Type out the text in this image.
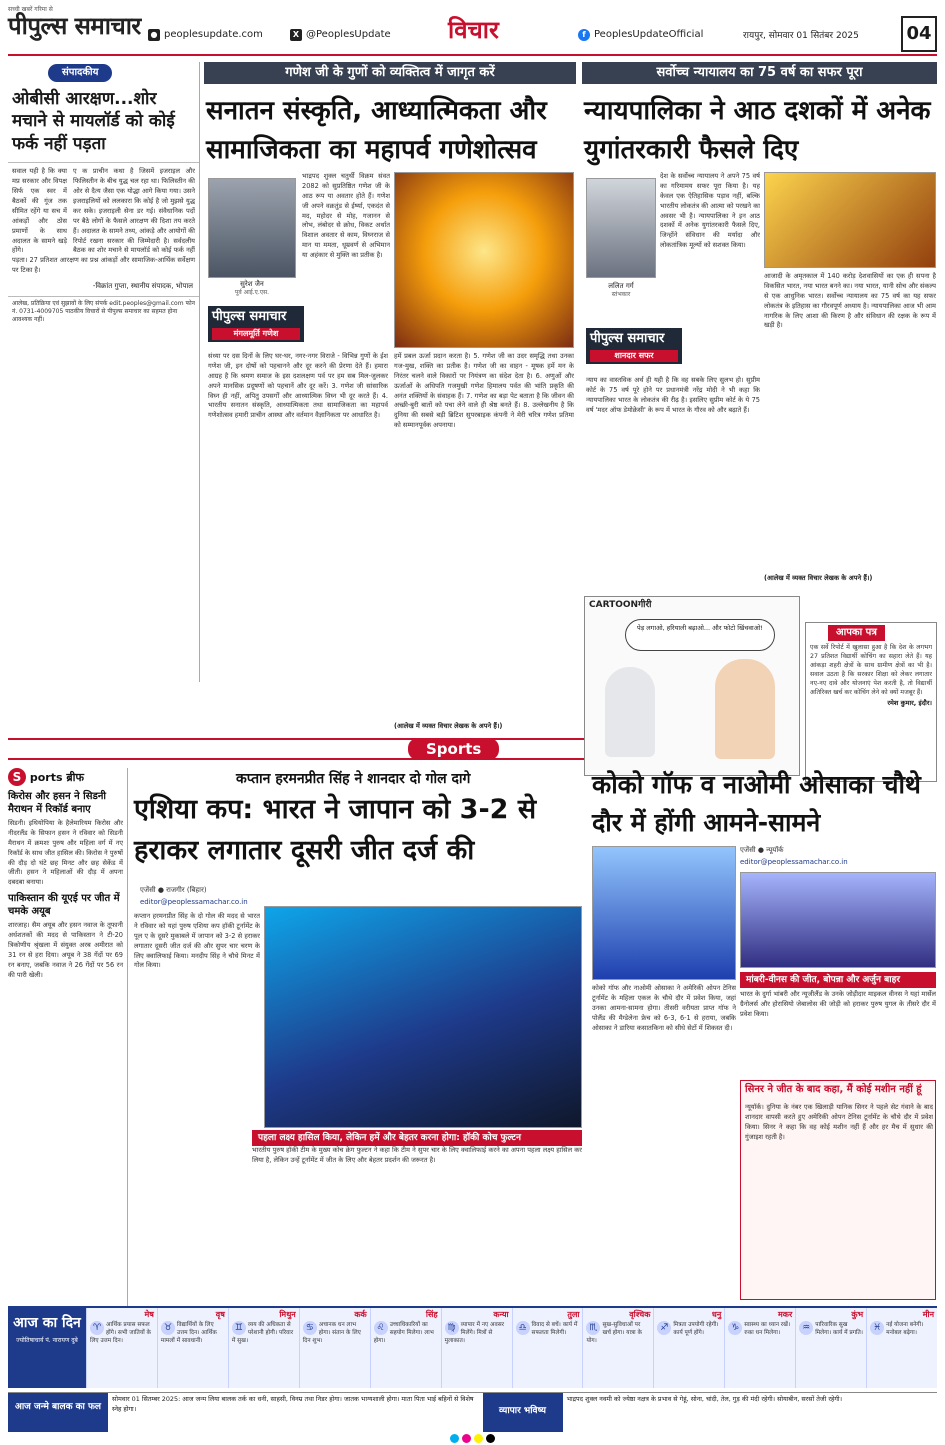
सच्ची खबरें गरिमा से
पीपुल्स समाचार	● peoplesupdate.com	X @PeoplesUpdate विचार	f PeoplesUpdateOfficial	रायपुर, सोमवार 01 सितंबर 2025	04
संपादकीय
ओबीसी आरक्षण...शोर मचाने से मायलॉर्ड को कोई फर्क नहीं पड़ता
सवाल यही है कि क्या मप्र सरकार और विपक्ष सिर्फ एक स्वर में बैठकों की गूंज तक सीमित रहेंगे या सच में आंकड़ों और ठोस प्रमाणों के साथ अदालत के सामने खड़े होंगे।
ए क प्राचीन कथा है जिसमें इजराइल और फिलिस्तीन के बीच युद्ध चल रहा था। फिलिस्तीन की ओर से दैत्य जैसा एक योद्धा आगे किया गया। उसने इजराइलियों को ललकारा कि कोई है जो मुझसे युद्ध कर सके। इजराइली सेना डर गई। संवैधानिक पदों पर बैठे लोगों के फैसले आरक्षण की दिशा तय करते हैं। अदालत के सामने तथ्य, आंकड़े और आयोगों की रिपोर्ट रखना सरकार की जिम्मेदारी है। सर्वदलीय बैठक का शोर मचाने से मायलॉर्ड को कोई फर्क नहीं पड़ता। 27 प्रतिशत आरक्षण का प्रश्न आंकड़ों और सामाजिक-आर्थिक सर्वेक्षण पर टिका है।
-विक्रांत गुप्ता, स्थानीय संपादक, भोपाल
आलेख, प्रतिक्रिया एवं सुझावों के लिए संपर्क edit.peoples@gmail.com फोन नं. 0731-4009705 पाठकीय विचारों से पीपुल्स समाचार का सहमत होना आवश्यक नहीं।
गणेश जी के गुणों को व्यक्तित्व में जागृत करें
सनातन संस्कृति, आध्यात्मिकता और सामाजिकता का महापर्व गणेशोत्सव
सुरेश जैन
पूर्व आई.ए.एस.
पीपुल्स समाचार
मंगलमूर्ति गणेश
भाद्रपद शुक्ल चतुर्थी विक्रम संवत 2082 को सुप्रतिष्ठित गणेश जी के आठ रूप या अवतार होते हैं। गणेश जी अपने वक्रतुंड से ईर्ष्या, एकदंत से मद, महोदर से मोह, गजानन से लोभ, लंबोदर से क्रोध, विकट अर्थात विशाल अवतार से काम, विघ्नराज से मान या ममता, धूम्रवर्ण से अभिमान या अहंकार से मुक्ति का प्रतीक है।
संध्या पर दस दिनों के लिए घर-घर, नगर-नगर विराजे - विभिन्न गुणों के ईश गणेश जी, इन दोषों को पहचानने और दूर करने की प्रेरणा देते हैं। हमारा आग्रह है कि श्रमण समाज के इस दशलक्षण पर्व पर हम सब मिल-जुलकर अपने मानसिक प्रदूषणों को पहचानें और दूर करें। 3. गणेश जी सांसारिक विघ्न ही नहीं, अपितु उपसर्गों और आध्यात्मिक विघ्न भी दूर करते हैं। 4. भारतीय सनातन संस्कृति, आध्यात्मिकता तथा सामाजिकता का महापर्व गणेशोत्सव हमारी प्राचीन आस्था और वर्तमान वैज्ञानिकता पर आधारित है।
हमें प्रबल ऊर्जा प्रदान करता है। 5. गणेश जी का उदर समृद्धि तथा उनका गज-मुख, शक्ति का प्रतीक है। गणेश जी का वाहन - मूषक हमें मन के निरंतर चलने वाले विकारों पर नियंत्रण का संदेश देता है। 6. अणुओं और ऊर्जाओं के अधिपति गजमुखी गणेश हिमालय पर्वत की भांति प्रकृति की अनंत शक्तियों के संवाहक हैं। 7. गणेश का बड़ा पेट बताता है कि जीवन की अच्छी-बुरी बातों को पचा लेने वाले ही श्रेष्ठ बनते हैं। 8. उल्लेखनीय है कि दुनिया की सबसे बड़ी ब्रिटिश सुपरबाइक कंपनी ने मेरी चरित्र गणेश प्रतिमा को सम्मानपूर्वक अपनाया।
(आलेख में व्यक्त विचार लेखक के अपने हैं।)
सर्वोच्च न्यायालय का 75 वर्ष का सफर पूरा
न्यायपालिका ने आठ दशकों में अनेक युगांतरकारी फैसले दिए
ललित गर्ग
स्तंभकार
पीपुल्स समाचार
शानदार सफर
देश के सर्वोच्च न्यायालय ने अपने 75 वर्ष का गरिमामय सफर पूरा किया है। यह केवल एक ऐतिहासिक पड़ाव नहीं, बल्कि भारतीय लोकतंत्र की आत्मा को परखने का अवसर भी है। न्यायपालिका ने इन आठ दशकों में अनेक युगांतरकारी फैसले दिए, जिन्होंने संविधान की मर्यादा और लोकतांत्रिक मूल्यों को सशक्त किया।
न्याय का वास्तविक अर्थ ही यही है कि वह सबके लिए सुलभ हो। सुप्रीम कोर्ट के 75 वर्ष पूरे होने पर प्रधानमंत्री नरेंद्र मोदी ने भी कहा कि न्यायपालिका भारत के लोकतंत्र की रीढ़ है। इसलिए सुप्रीम कोर्ट के ये 75 वर्ष 'मदर ऑफ डेमोक्रेसी' के रूप में भारत के गौरव को और बढ़ाते हैं।
आजादी के अमृतकाल में 140 करोड़ देशवासियों का एक ही सपना है विकसित भारत, नया भारत बनने का। नया भारत, यानी सोच और संकल्प से एक आधुनिक भारत। सर्वोच्च न्यायालय का 75 वर्ष का यह सफर लोकतंत्र के इतिहास का गौरवपूर्ण अध्याय है। न्यायपालिका आज भी आम नागरिक के लिए आशा की किरण है और संविधान की रक्षक के रूप में खड़ी है।
(आलेख में व्यक्त विचार लेखक के अपने हैं।)
CARTOONगीरी
पेड़ लगाओ, हरियाली बढ़ाओ... और फोटो खिंचवाओ!	आपका पत्र
एक सर्वे रिपोर्ट में खुलासा हुआ है कि देश के लगभग 27 प्रतिशत विद्यार्थी कोचिंग का सहारा लेते हैं। यह आंकड़ा शहरी क्षेत्रों के साथ ग्रामीण क्षेत्रों का भी है। सवाल उठता है कि सरकार शिक्षा को लेकर लगातार नए-नए दावे और योजनाएं पेश करती है, तो विद्यार्थी अतिरिक्त खर्च कर कोचिंग लेने को क्यों मजबूर हैं।
रमेश कुमार, इंदौर।
Sports
S ports ब्रीफ
किरोस और हसन ने सिडनी मैराथन में रिकॉर्ड बनाए

सिडनी। इथियोपिया के हैलेमारियम किरोस और नीदरलैंड के सिफान हसन ने रविवार को सिडनी मैराथन में क्रमशः पुरुष और महिला वर्ग में नए रिकॉर्ड के साथ जीत हासिल की। किरोस ने पुरुषों की दौड़ दो घंटे छह मिनट और छह सेकेंड में जीती। हसन ने महिलाओं की दौड़ में अपना दबदबा बनाया।

पाकिस्तान की यूएई पर जीत में चमके अयूब

शारजाह। सैम अयूब और हसन नवाज के तूफानी अर्धशतकों की मदद से पाकिस्तान ने टी-20 त्रिकोणीय श्रृंखला में संयुक्त अरब अमीरात को 31 रन से हरा दिया। अयूब ने 38 गेंदों पर 69 रन बनाए, जबकि नवाज ने 26 गेंदों पर 56 रन की पारी खेली।

कप्तान हरमनप्रीत सिंह ने शानदार दो गोल दागे
एशिया कप: भारत ने जापान को 3-2 से हराकर लगातार दूसरी जीत दर्ज की
एजेंसी ● राजगीर (बिहार)
editor@peoplessamachar.co.in
कप्तान हरमनप्रीत सिंह के दो गोल की मदद से भारत ने रविवार को यहां पुरुष एशिया कप हॉकी टूर्नामेंट के पूल ए के दूसरे मुकाबले में जापान को 3-2 से हराकर लगातार दूसरी जीत दर्ज की और सुपर चार चरण के लिए क्वालिफाई किया। मनदीप सिंह ने चौथे मिनट में गोल किया।
पहला लक्ष्य हासिल किया, लेकिन हमें और बेहतर करना होगा: हॉकी कोच फुल्टन
भारतीय पुरुष हॉकी टीम के मुख्य कोच क्रेग फुल्टन ने कहा कि टीम ने सुपर चार के लिए क्वालिफाई करने का अपना पहला लक्ष्य हासिल कर लिया है, लेकिन उन्हें टूर्नामेंट में जीत के लिए और बेहतर प्रदर्शन की जरूरत है।
कोको गॉफ व नाओमी ओसाका चौथे दौर में होंगी आमने-सामने
एजेंसी ● न्यूयॉर्क
editor@peoplessamachar.co.in
कोको गॉफ और नाओमी ओसाका ने अमेरिकी ओपन टेनिस टूर्नामेंट के महिला एकल के चौथे दौर में प्रवेश किया, जहां उनका आमना-सामना होगा। तीसरी वरीयता प्राप्त गॉफ ने पोलैंड की मैग्डेलेना फ्रेच को 6-3, 6-1 से हराया, जबकि ओसाका ने डारिया कसातकिना को सीधे सेटों में शिकस्त दी।
मांबरी-वीनस की जीत, बोपन्ना और अर्जुन बाहर
भारत के दुर्गा भांबरी और न्यूजीलैंड के उनके जोड़ीदार माइकल वीनस ने यहां मार्सेल ग्रैनोलर्स और होरासियो जेबालोस की जोड़ी को हराकर पुरुष युगल के तीसरे दौर में प्रवेश किया।
सिनर ने जीत के बाद कहा, मैं कोई मशीन नहीं हूं
न्यूयॉर्क। दुनिया के नंबर एक खिलाड़ी यानिक सिनर ने पहले सेट गंवाने के बाद शानदार वापसी करते हुए अमेरिकी ओपन टेनिस टूर्नामेंट के चौथे दौर में प्रवेश किया। सिनर ने कहा कि वह कोई मशीन नहीं हैं और हर मैच में सुधार की गुंजाइश रहती है।
आज का दिन
ज्योतिषाचार्य पं. नारायण दुबे
मेष
♈ आर्थिक प्रयास सफल होंगे। सभी जातियों के लिए उत्तम दिन।
वृष
♉ विद्यार्थियों के लिए उत्तम दिन। आर्थिक मामलों में सावधानी।
मिथुन
♊ व्यय की अधिकता से परेशानी होगी। परिवार में सुख।
कर्क
♋ अचानक धन लाभ होगा। संतान के लिए दिन शुभ।
सिंह
♌ उच्चाधिकारियों का सहयोग मिलेगा। लाभ होगा।
कन्या
♍ व्यापार में नए अवसर मिलेंगे। मित्रों से मुलाकात।
तुला
♎ विवाद से बचें। कार्य में सफलता मिलेगी।
वृश्चिक
♏ सुख-सुविधाओं पर खर्च होगा। यात्रा के योग।
धनु
♐ मित्रता उपयोगी रहेगी। कार्य पूर्ण होंगे।
मकर
♑ स्वास्थ्य का ध्यान रखें। रुका धन मिलेगा।
कुंभ
♒ पारिवारिक सुख मिलेगा। कार्य में प्रगति।
मीन
♓ नई योजना बनेगी। मनोबल बढ़ेगा।
आज जन्मे बालक का फल
सोमवार 01 सितम्बर 2025: आज जन्म लिया बालक तर्क का धनी, साहसी, विनम्र तथा निडर होगा। जातक भाग्यशाली होगा। माता पिता भाई बहिनों से विशेष स्नेह होगा।	व्यापार भविष्य
भाद्रपद शुक्ल नवमी को ज्येष्ठा नक्षत्र के प्रभाव से गेहूं, सोना, चांदी, तेल, गुड़ की मंदी रहेगी। सोयाबीन, सरसों तेजी रहेगी।
